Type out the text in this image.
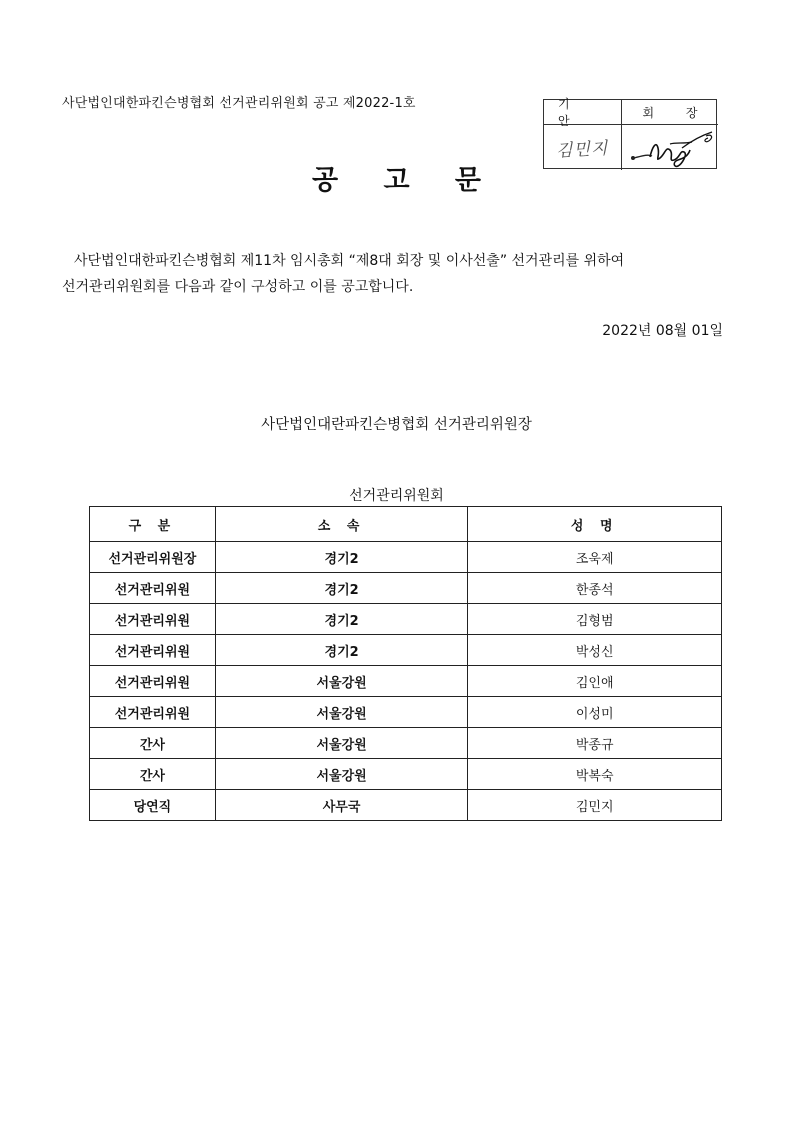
사단법인대한파킨슨병협회 선거관리위원회 공고 제2022-1호	기 안
회 장
김민지
공 고 문
사단법인대한파킨슨병협회 제11차 임시총회 “제8대 회장 및 이사선출” 선거관리를 위하여
선거관리위원회를 다음과 같이 구성하고 이를 공고합니다.
2022년 08월 01일
사단법인대란파킨슨병협회 선거관리위원장
선거관리위원회
구 분	소 속	성 명
선거관리위원장	경기2	조욱제
선거관리위원	경기2	한종석
선거관리위원	경기2	김형범
선거관리위원	경기2	박성신
선거관리위원	서울강원	김인애
선거관리위원	서울강원	이성미
간사	서울강원	박종규
간사	서울강원	박복숙
당연직	사무국	김민지
